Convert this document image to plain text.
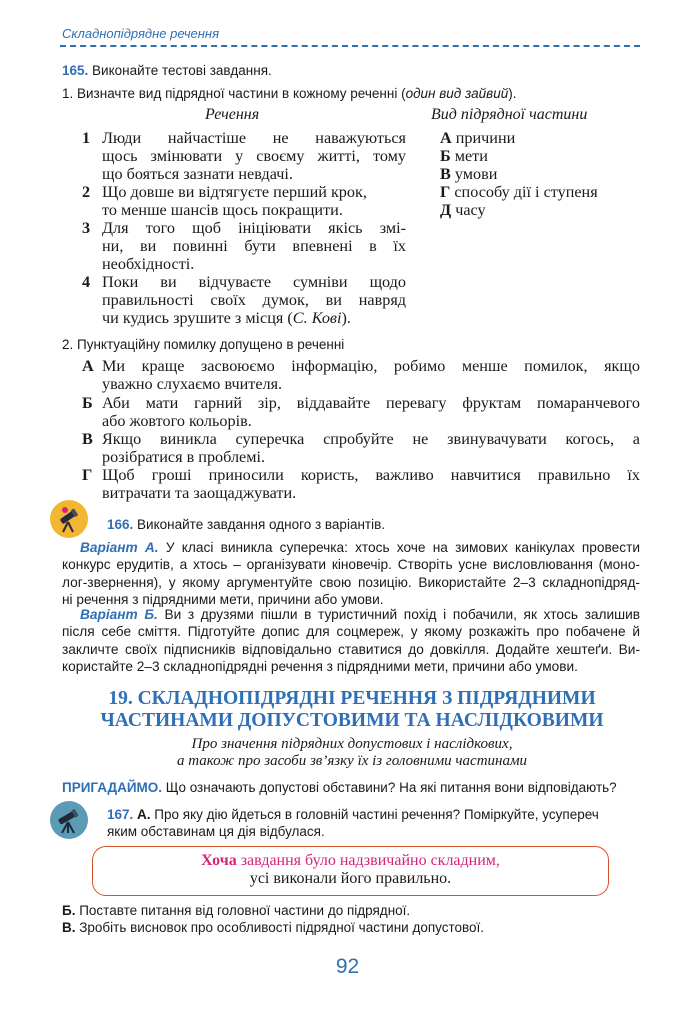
Складнопідрядне речення
165. Виконайте тестові завдання.
1. Визначте вид підрядної частини в кожному реченні (один вид зайвий).
Речення	Вид підрядної частини
1 Люди найчастіше не наважуються
щось змінювати у своєму житті, тому
що бояться зазнати невдачі.
2 Що довше ви відтягуєте перший крок,
то менше шансів щось покращити.
3 Для того щоб ініціювати якісь змі-
ни, ви повинні бути впевнені в їх
необхідності.
4 Поки ви відчуваєте сумніви щодо
правильності своїх думок, ви навряд
чи кудись зрушите з місця (С. Кові).
А причини
Б мети
В умови
Г способу дії і ступеня
Д часу
2. Пунктуаційну помилку допущено в реченні
А Ми краще засвоюємо інформацію, робимо менше помилок, якщо
уважно слухаємо вчителя.
Б Аби мати гарний зір, віддавайте перевагу фруктам помаранчевого
або жовтого кольорів.
В Якщо виникла суперечка спробуйте не звинувачувати когось, а
розібратися в проблемі.
Г Щоб гроші приносили користь, важливо навчитися правильно їх
витрачати та заощаджувати.
166. Виконайте завдання одного з варіантів.
Варіант А. У класі виникла суперечка: хтось хоче на зимових канікулах провести
конкурс ерудитів, а хтось – організувати кіновечір. Створіть усне висловлювання (моно-
лог-звернення), у якому аргументуйте свою позицію. Використайте 2–3 складнопідряд-
ні речення з підрядними мети, причини або умови.
Варіант Б. Ви з друзями пішли в туристичний похід і побачили, як хтось залишив
після себе сміття. Підготуйте допис для соцмереж, у якому розкажіть про побачене й
закличте своїх підписників відповідально ставитися до довкілля. Додайте хештеґи. Ви-
користайте 2–3 складнопідрядні речення з підрядними мети, причини або умови.
19. СКЛАДНОПІДРЯДНІ РЕЧЕННЯ З ПІДРЯДНИМИ
ЧАСТИНАМИ ДОПУСТОВИМИ ТА НАСЛІДКОВИМИ
Про значення підрядних допустових і наслідкових,
а також про засоби зв’язку їх із головними частинами
ПРИГАДАЙМО. Що означають допустові обставини? На які питання вони відповідають?
167. А. Про яку дію йдеться в головній частині речення? Поміркуйте, усупереч
яким обставинам ця дія відбулася.
Хоча завдання було надзвичайно складним,
усі виконали його правильно.
Б. Поставте питання від головної частини до підрядної.
В. Зробіть висновок про особливості підрядної частини допустової.
92
